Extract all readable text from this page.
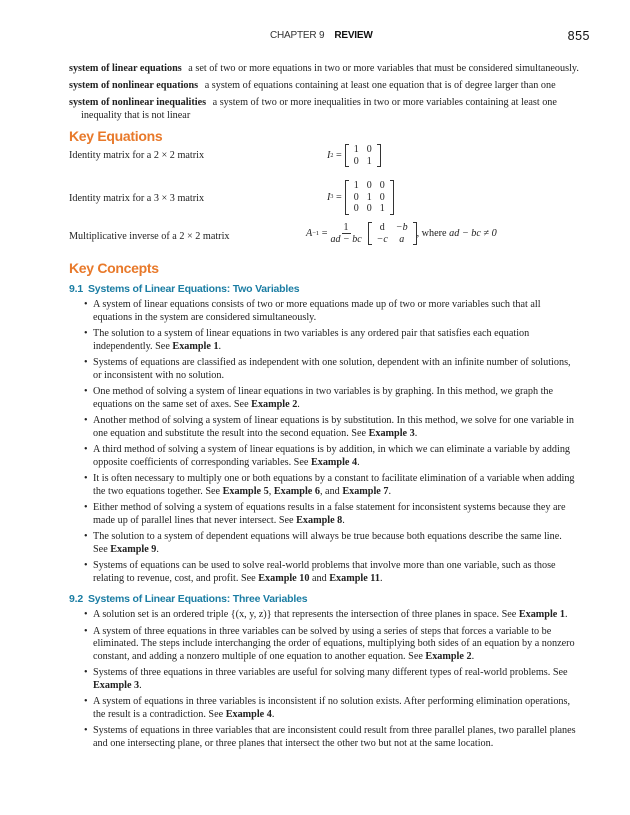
CHAPTER 9 REVIEW	855

system of linear equations a set of two or more equations in two or more variables that must be considered simultaneously.

system of nonlinear equations a system of equations containing at least one equation that is of degree larger than one

system of nonlinear inequalities a system of two or more inequalities in two or more variables containing at least one inequality that is not linear

Key Equations
Identity matrix for a 2 × 2 matrix	I 2 =
1	0
0	1
Identity matrix for a 3 × 3 matrix	I 3 =
1	0	0
0	1	0
0	0	1
Multiplicative inverse of a 2 × 2 matrix	$A -1 = \frac{1}{ad - bc}$ d	−b
−c	a , where ad − bc ≠ 0
Key Concepts
9.1 Systems of Linear Equations: Two Variables
• A system of linear equations consists of two or more equations made up of two or more variables such that all equations in the system are considered simultaneously.
• The solution to a system of linear equations in two variables is any ordered pair that satisfies each equation independently. See Example 1.
• Systems of equations are classified as independent with one solution, dependent with an infinite number of solutions, or inconsistent with no solution.
• One method of solving a system of linear equations in two variables is by graphing. In this method, we graph the equations on the same set of axes. See Example 2.
• Another method of solving a system of linear equations is by substitution. In this method, we solve for one variable in one equation and substitute the result into the second equation. See Example 3.
• A third method of solving a system of linear equations is by addition, in which we can eliminate a variable by adding opposite coefficients of corresponding variables. See Example 4.
• It is often necessary to multiply one or both equations by a constant to facilitate elimination of a variable when adding the two equations together. See Example 5, Example 6, and Example 7.
• Either method of solving a system of equations results in a false statement for inconsistent systems because they are made up of parallel lines that never intersect. See Example 8.
• The solution to a system of dependent equations will always be true because both equations describe the same line. See Example 9.
• Systems of equations can be used to solve real-world problems that involve more than one variable, such as those relating to revenue, cost, and profit. See Example 10 and Example 11.
9.2 Systems of Linear Equations: Three Variables
• A solution set is an ordered triple {(x, y, z)} that represents the intersection of three planes in space. See Example 1.
• A system of three equations in three variables can be solved by using a series of steps that forces a variable to be eliminated. The steps include interchanging the order of equations, multiplying both sides of an equation by a nonzero constant, and adding a nonzero multiple of one equation to another equation. See Example 2.
• Systems of three equations in three variables are useful for solving many different types of real-world problems. See Example 3.
• A system of equations in three variables is inconsistent if no solution exists. After performing elimination operations, the result is a contradiction. See Example 4.
• Systems of equations in three variables that are inconsistent could result from three parallel planes, two parallel planes and one intersecting plane, or three planes that intersect the other two but not at the same location.
